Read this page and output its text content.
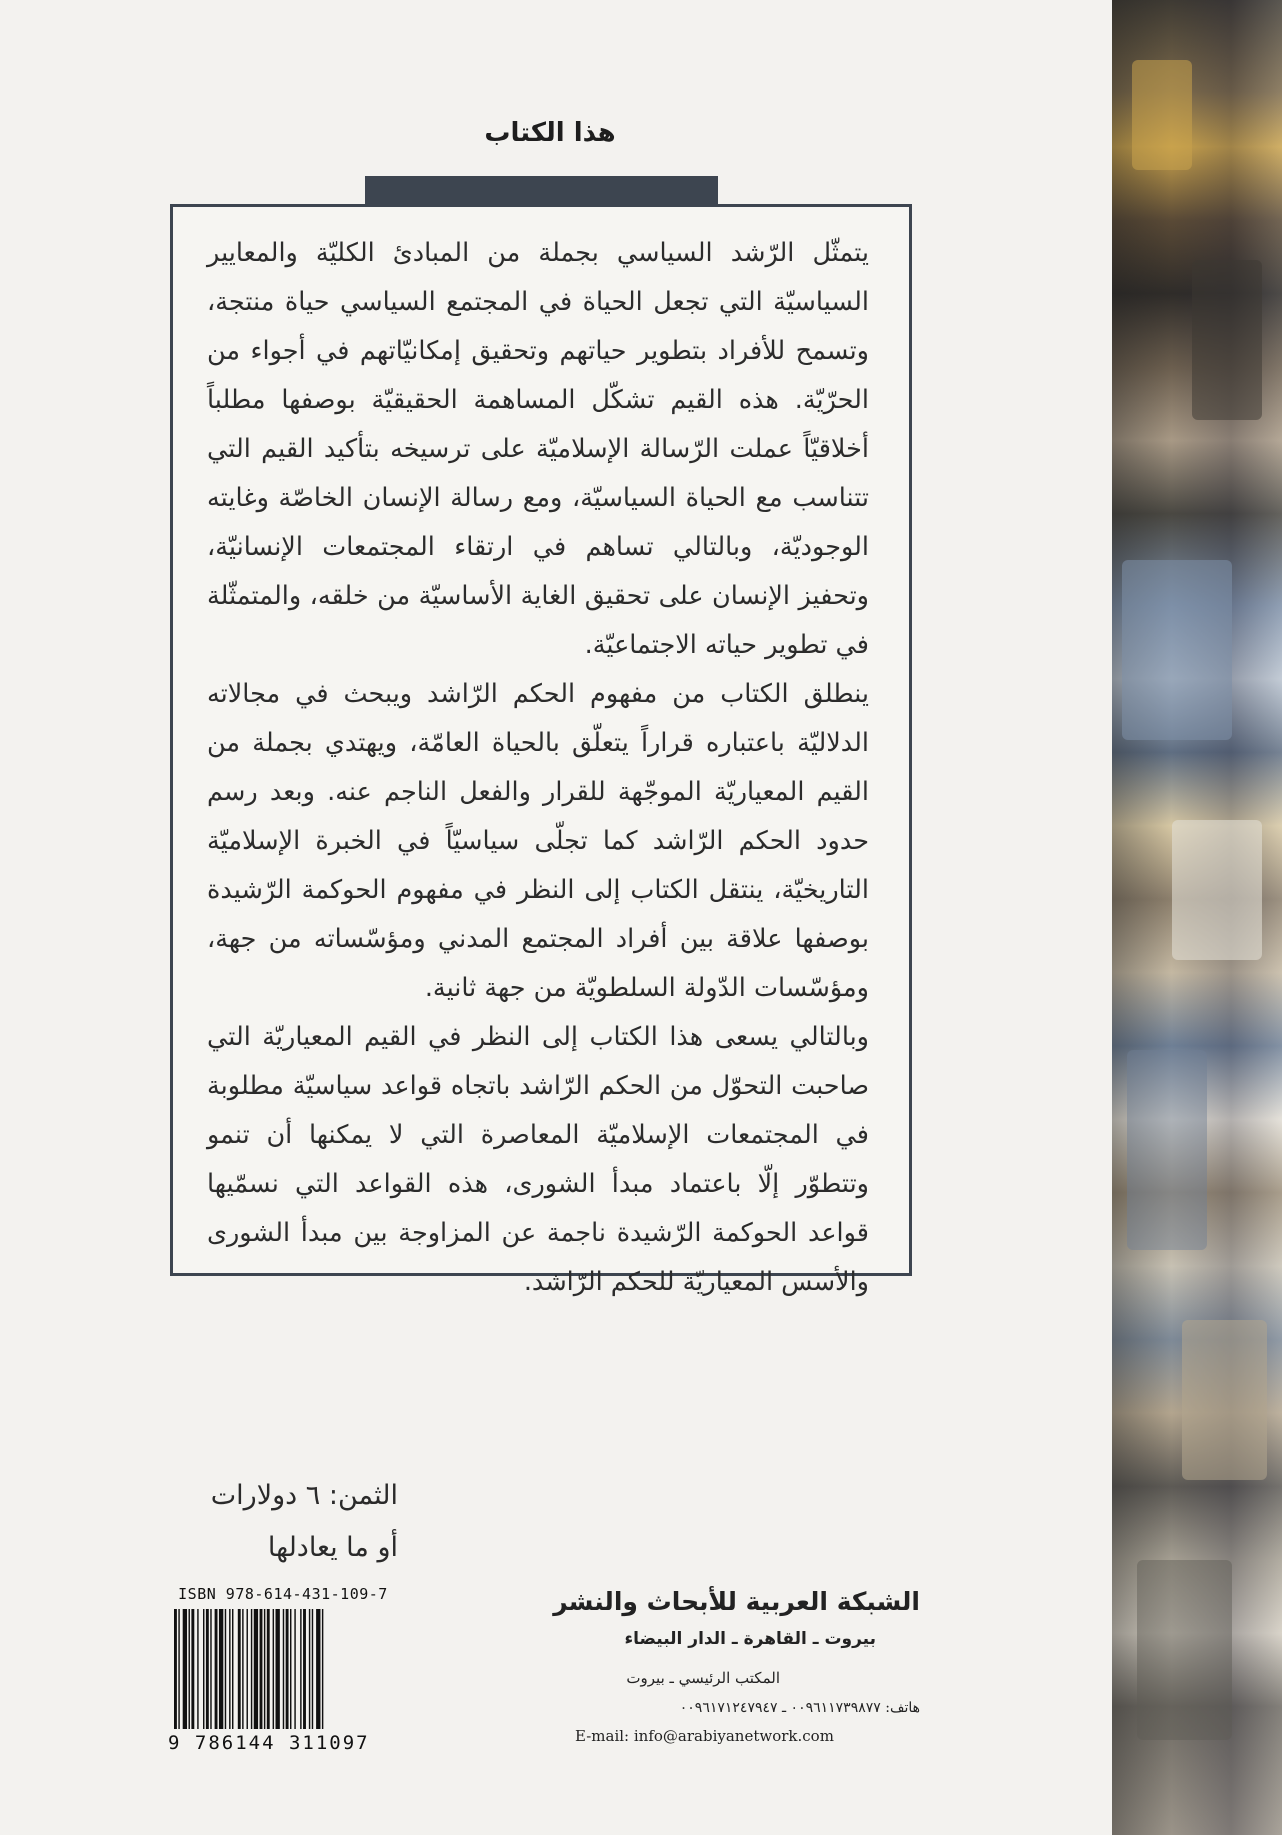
هذا الكتاب

يتمثّل الرّشد السياسي بجملة من المبادئ الكليّة والمعايير السياسيّة التي تجعل الحياة في المجتمع السياسي حياة منتجة، وتسمح للأفراد بتطوير حياتهم وتحقيق إمكانيّاتهم في أجواء من الحرّيّة. هذه القيم تشكّل المساهمة الحقيقيّة بوصفها مطلباً أخلاقيّاً عملت الرّسالة الإسلاميّة على ترسيخه بتأكيد القيم التي تتناسب مع الحياة السياسيّة، ومع رسالة الإنسان الخاصّة وغايته الوجوديّة، وبالتالي تساهم في ارتقاء المجتمعات الإنسانيّة، وتحفيز الإنسان على تحقيق الغاية الأساسيّة من خلقه، والمتمثّلة في تطوير حياته الاجتماعيّة.

ينطلق الكتاب من مفهوم الحكم الرّاشد ويبحث في مجالاته الدلاليّة باعتباره قراراً يتعلّق بالحياة العامّة، ويهتدي بجملة من القيم المعياريّة الموجّهة للقرار والفعل الناجم عنه. وبعد رسم حدود الحكم الرّاشد كما تجلّى سياسيّاً في الخبرة الإسلاميّة التاريخيّة، ينتقل الكتاب إلى النظر في مفهوم الحوكمة الرّشيدة بوصفها علاقة بين أفراد المجتمع المدني ومؤسّساته من جهة، ومؤسّسات الدّولة السلطويّة من جهة ثانية.

وبالتالي يسعى هذا الكتاب إلى النظر في القيم المعياريّة التي صاحبت التحوّل من الحكم الرّاشد باتجاه قواعد سياسيّة مطلوبة في المجتمعات الإسلاميّة المعاصرة التي لا يمكنها أن تنمو وتتطوّر إلّا باعتماد مبدأ الشورى، هذه القواعد التي نسمّيها قواعد الحوكمة الرّشيدة ناجمة عن المزاوجة بين مبدأ الشورى والأسس المعياريّة للحكم الرّاشد.

الثمن: ٦ دولارات
أو ما يعادلها
ISBN 978-614-431-109-7
9 786144 311097
الشبكة العربية للأبحاث والنشر
بيروت ـ القاهرة ـ الدار البيضاء
المكتب الرئيسي ـ بيروت
هاتف: ٠٠٩٦١١٧٣٩٨٧٧ ـ ٠٠٩٦١٧١٢٤٧٩٤٧
E-mail: info@arabiyanetwork.com
